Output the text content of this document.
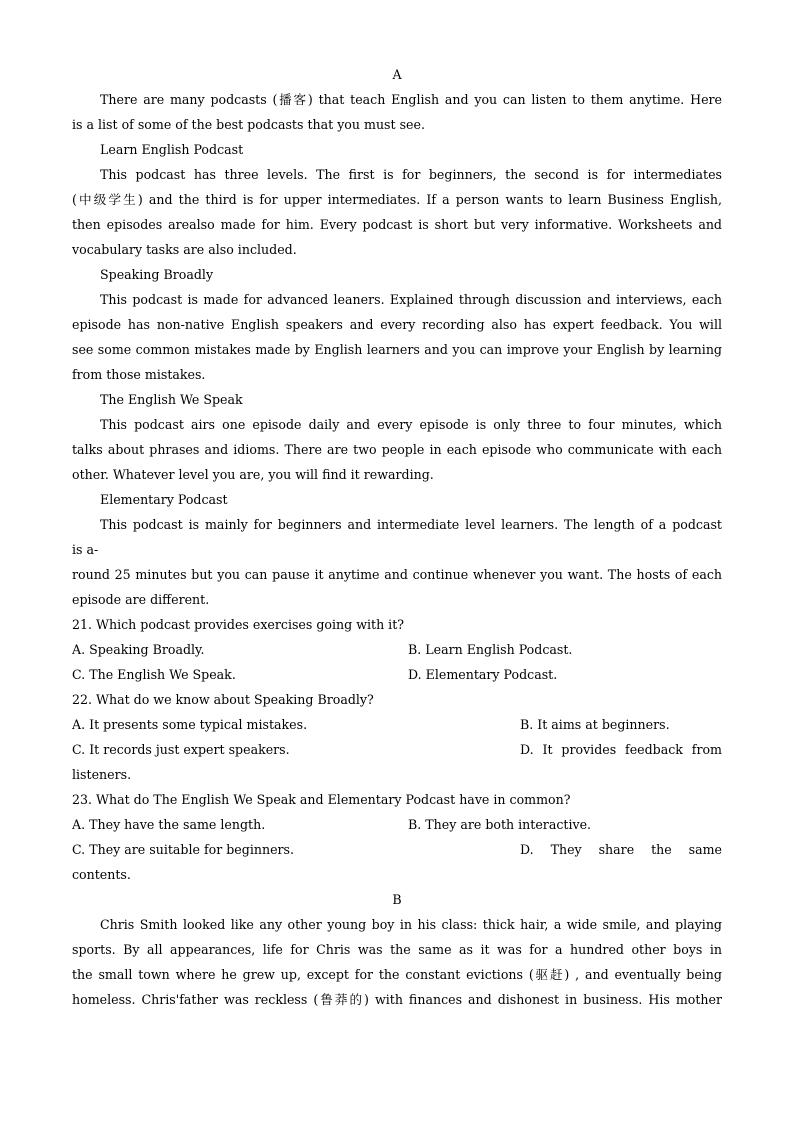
A
There are many podcasts (播客) that teach English and you can listen to them anytime. Here
is a list of some of the best podcasts that you must see.
Learn English Podcast
This podcast has three levels. The first is for beginners, the second is for intermediates
(中级学生) and the third is for upper intermediates. If a person wants to learn Business English,
then episodes arealso made for him. Every podcast is short but very informative. Worksheets and
vocabulary tasks are also included.
Speaking Broadly
This podcast is made for advanced leaners. Explained through discussion and interviews, each
episode has non-native English speakers and every recording also has expert feedback. You will
see some common mistakes made by English learners and you can improve your English by learning
from those mistakes.
The English We Speak
This podcast airs one episode daily and every episode is only three to four minutes, which
talks about phrases and idioms. There are two people in each episode who communicate with each
other. Whatever level you are, you will find it rewarding.
Elementary Podcast
This podcast is mainly for beginners and intermediate level learners. The length of a podcast
is a-
round 25 minutes but you can pause it anytime and continue whenever you want. The hosts of each
episode are different.
21. Which podcast provides exercises going with it?
A. Speaking Broadly.	B. Learn English Podcast.
C. The English We Speak.	D. Elementary Podcast.
22. What do we know about Speaking Broadly?
A. It presents some typical mistakes.	B. It aims at beginners.
C. It records just expert speakers.	D. It provides feedback from
listeners.
23. What do The English We Speak and Elementary Podcast have in common?
A. They have the same length.	B. They are both interactive.
C. They are suitable for beginners.	D. They share the same
contents.
B
Chris Smith looked like any other young boy in his class: thick hair, a wide smile, and playing
sports. By all appearances, life for Chris was the same as it was for a hundred other boys in
the small town where he grew up, except for the constant evictions (驱赶) , and eventually being
homeless. Chris'father was reckless (鲁莽的) with finances and dishonest in business. His mother
